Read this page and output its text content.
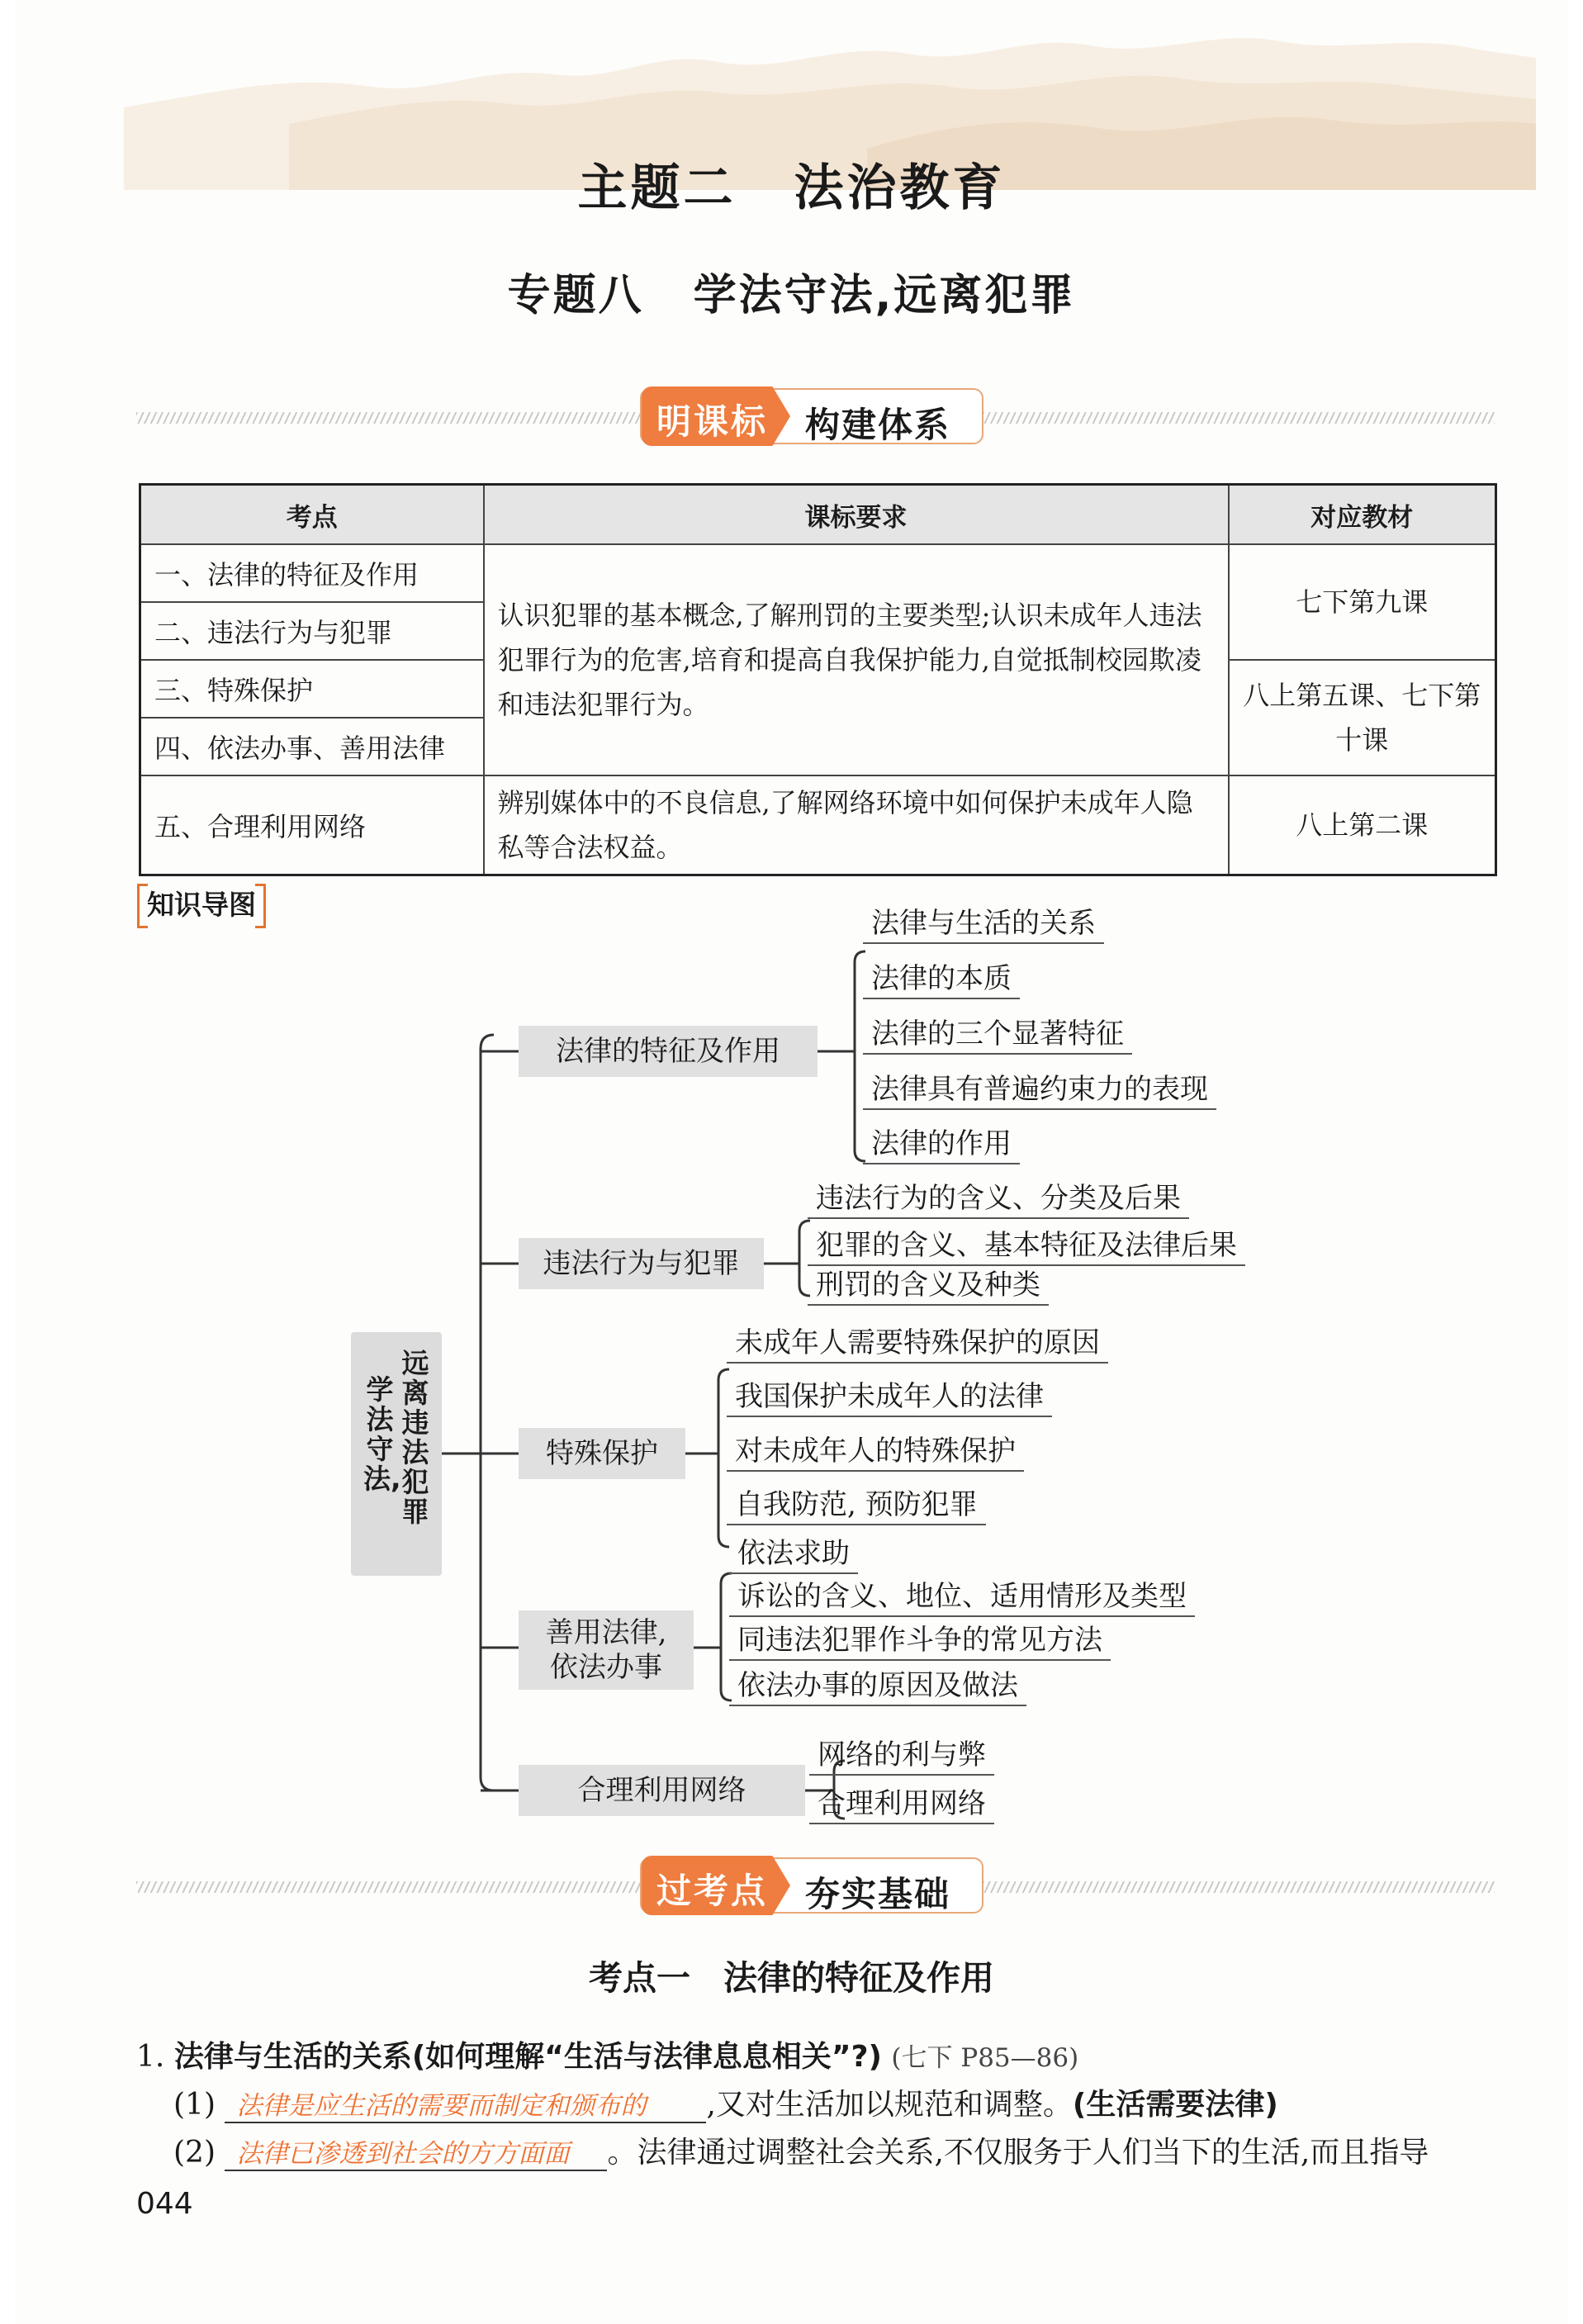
主题二 法治教育
专题八 学法守法,远离犯罪
明课标 构建体系
考点	课标要求	对应教材
一、法律的特征及作用	认识犯罪的基本概念,了解刑罚的主要类型;认识未成年人违法犯罪行为的危害,培育和提高自我保护能力,自觉抵制校园欺凌和违法犯罪行为。	七下第九课
二、违法行为与犯罪		
三、特殊保护		八上第五课、七下第十课
四、依法办事、善用法律		
五、合理利用网络	辨别媒体中的不良信息,了解网络环境中如何保护未成年人隐私等合法权益。	八上第二课
知识导图
学法守法,
远离违法犯罪
法律的特征及作用
违法行为与犯罪
特殊保护
善用法律,
依法办事
合理利用网络
法律与生活的关系
法律的本质
法律的三个显著特征
法律具有普遍约束力的表现
法律的作用
违法行为的含义、分类及后果
犯罪的含义、基本特征及法律后果
刑罚的含义及种类
未成年人需要特殊保护的原因
我国保护未成年人的法律
对未成年人的特殊保护
自我防范, 预防犯罪
依法求助
诉讼的含义、地位、适用情形及类型
同违法犯罪作斗争的常见方法
依法办事的原因及做法
网络的利与弊
合理利用网络
过考点 夯实基础
考点一 法律的特征及作用
1. 法律与生活的关系(如何理解“生活与法律息息相关”?) (七下 P85—86)
(1) 法律是应生活的需要而制定和颁布的 ,又对生活加以规范和调整。(生活需要法律)
(2) 法律已渗透到社会的方方面面 。法律通过调整社会关系,不仅服务于人们当下的生活,而且指导
044
